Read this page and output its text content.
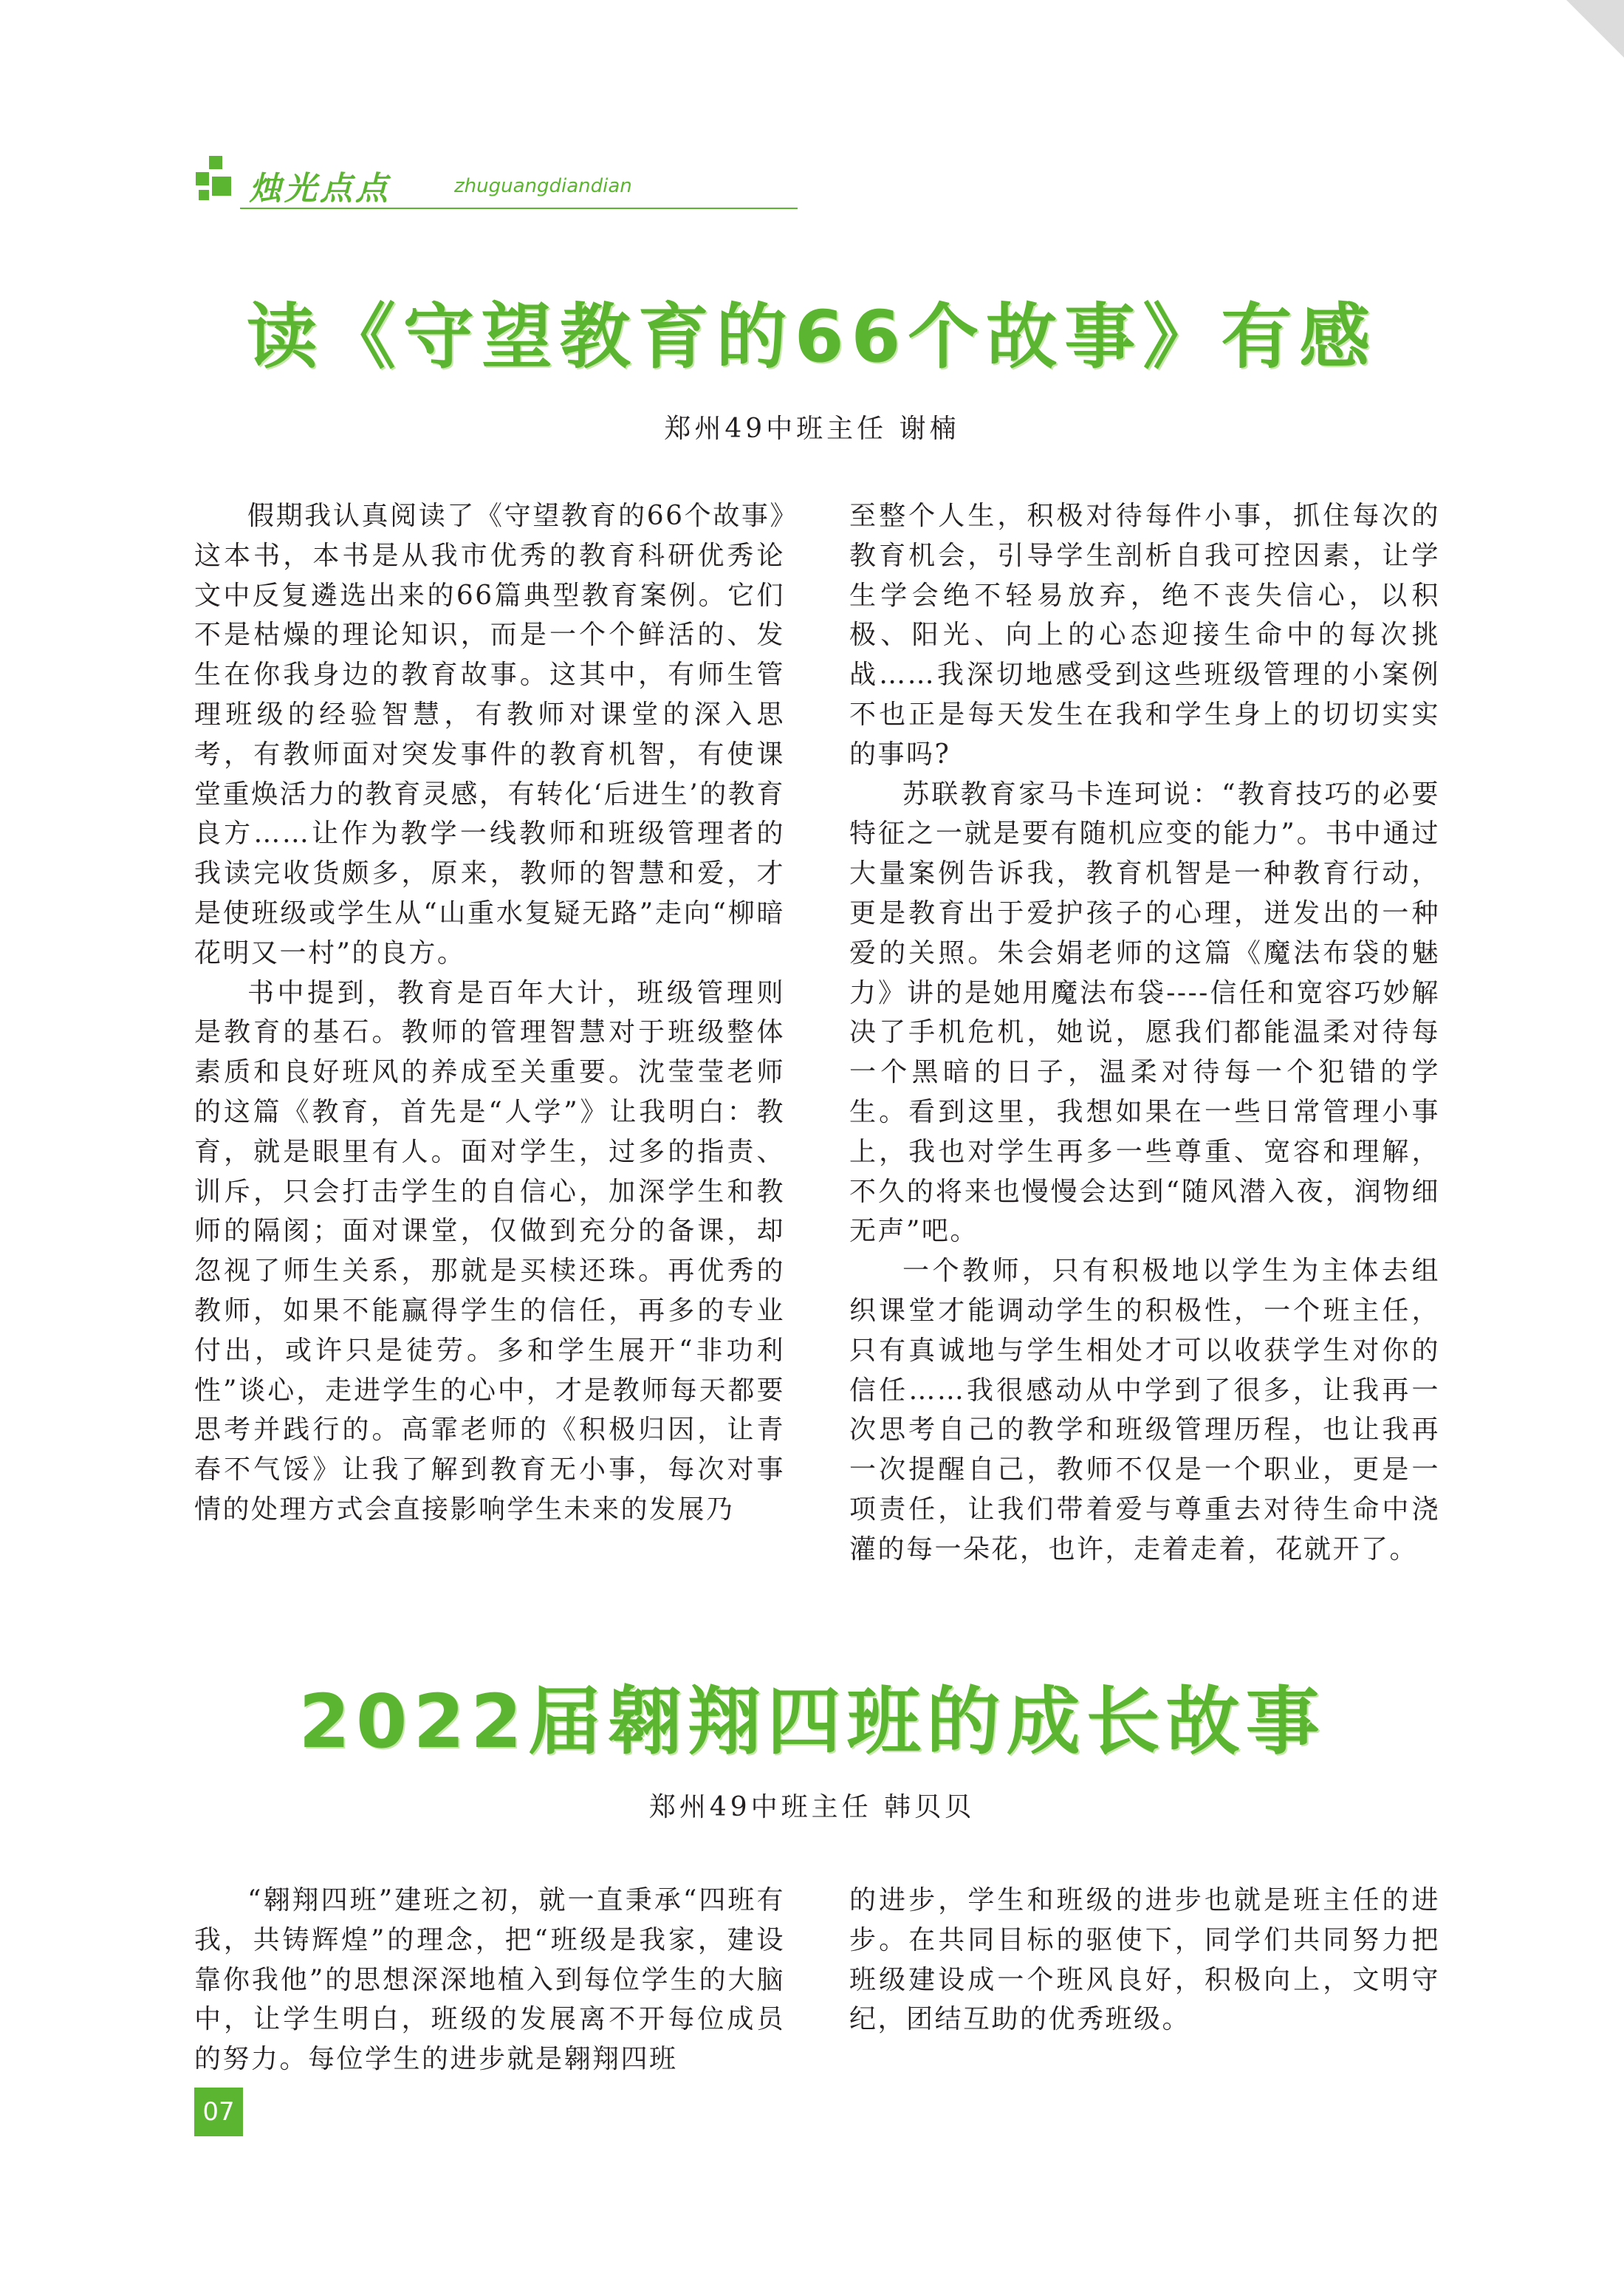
烛光点点	zhuguangdiandian
读《守望教育的66个故事》有感
郑州49中班主任 谢楠

假期我认真阅读了《守望教育的66个故事》这本书，本书是从我市优秀的教育科研优秀论文中反复遴选出来的66篇典型教育案例。它们不是枯燥的理论知识，而是一个个鲜活的、发生在你我身边的教育故事。这其中，有师生管理班级的经验智慧，有教师对课堂的深入思考，有教师面对突发事件的教育机智，有使课堂重焕活力的教育灵感，有转化‘后进生’的教育良方……让作为教学一线教师和班级管理者的我读完收货颇多，原来，教师的智慧和爱，才是使班级或学生从“山重水复疑无路”走向“柳暗花明又一村”的良方。

书中提到，教育是百年大计，班级管理则是教育的基石。教师的管理智慧对于班级整体素质和良好班风的养成至关重要。沈莹莹老师的这篇《教育，首先是“人学”》让我明白：教育，就是眼里有人。面对学生，过多的指责、训斥，只会打击学生的自信心，加深学生和教师的隔阂；面对课堂，仅做到充分的备课，却忽视了师生关系，那就是买椟还珠。再优秀的教师，如果不能赢得学生的信任，再多的专业付出，或许只是徒劳。多和学生展开“非功利性”谈心，走进学生的心中，才是教师每天都要思考并践行的。高霏老师的《积极归因，让青春不气馁》让我了解到教育无小事，每次对事情的处理方式会直接影响学生未来的发展乃

至整个人生，积极对待每件小事，抓住每次的教育机会，引导学生剖析自我可控因素，让学生学会绝不轻易放弃，绝不丧失信心，以积极、阳光、向上的心态迎接生命中的每次挑战……我深切地感受到这些班级管理的小案例不也正是每天发生在我和学生身上的切切实实的事吗?

苏联教育家马卡连珂说：“教育技巧的必要特征之一就是要有随机应变的能力”。书中通过大量案例告诉我，教育机智是一种教育行动，更是教育出于爱护孩子的心理，迸发出的一种爱的关照。朱会娟老师的这篇《魔法布袋的魅力》讲的是她用魔法布袋----信任和宽容巧妙解决了手机危机，她说，愿我们都能温柔对待每一个黑暗的日子，温柔对待每一个犯错的学生。看到这里，我想如果在一些日常管理小事上，我也对学生再多一些尊重、宽容和理解，不久的将来也慢慢会达到“随风潜入夜，润物细无声”吧。

一个教师，只有积极地以学生为主体去组织课堂才能调动学生的积极性，一个班主任，只有真诚地与学生相处才可以收获学生对你的信任……我很感动从中学到了很多，让我再一次思考自己的教学和班级管理历程，也让我再一次提醒自己，教师不仅是一个职业，更是一项责任，让我们带着爱与尊重去对待生命中浇灌的每一朵花，也许，走着走着，花就开了。

2022届翱翔四班的成长故事
郑州49中班主任 韩贝贝

“翱翔四班”建班之初，就一直秉承“四班有我，共铸辉煌”的理念，把“班级是我家，建设靠你我他”的思想深深地植入到每位学生的大脑中，让学生明白，班级的发展离不开每位成员的努力。每位学生的进步就是翱翔四班

的进步，学生和班级的进步也就是班主任的进步。在共同目标的驱使下，同学们共同努力把班级建设成一个班风良好，积极向上，文明守纪，团结互助的优秀班级。

07
